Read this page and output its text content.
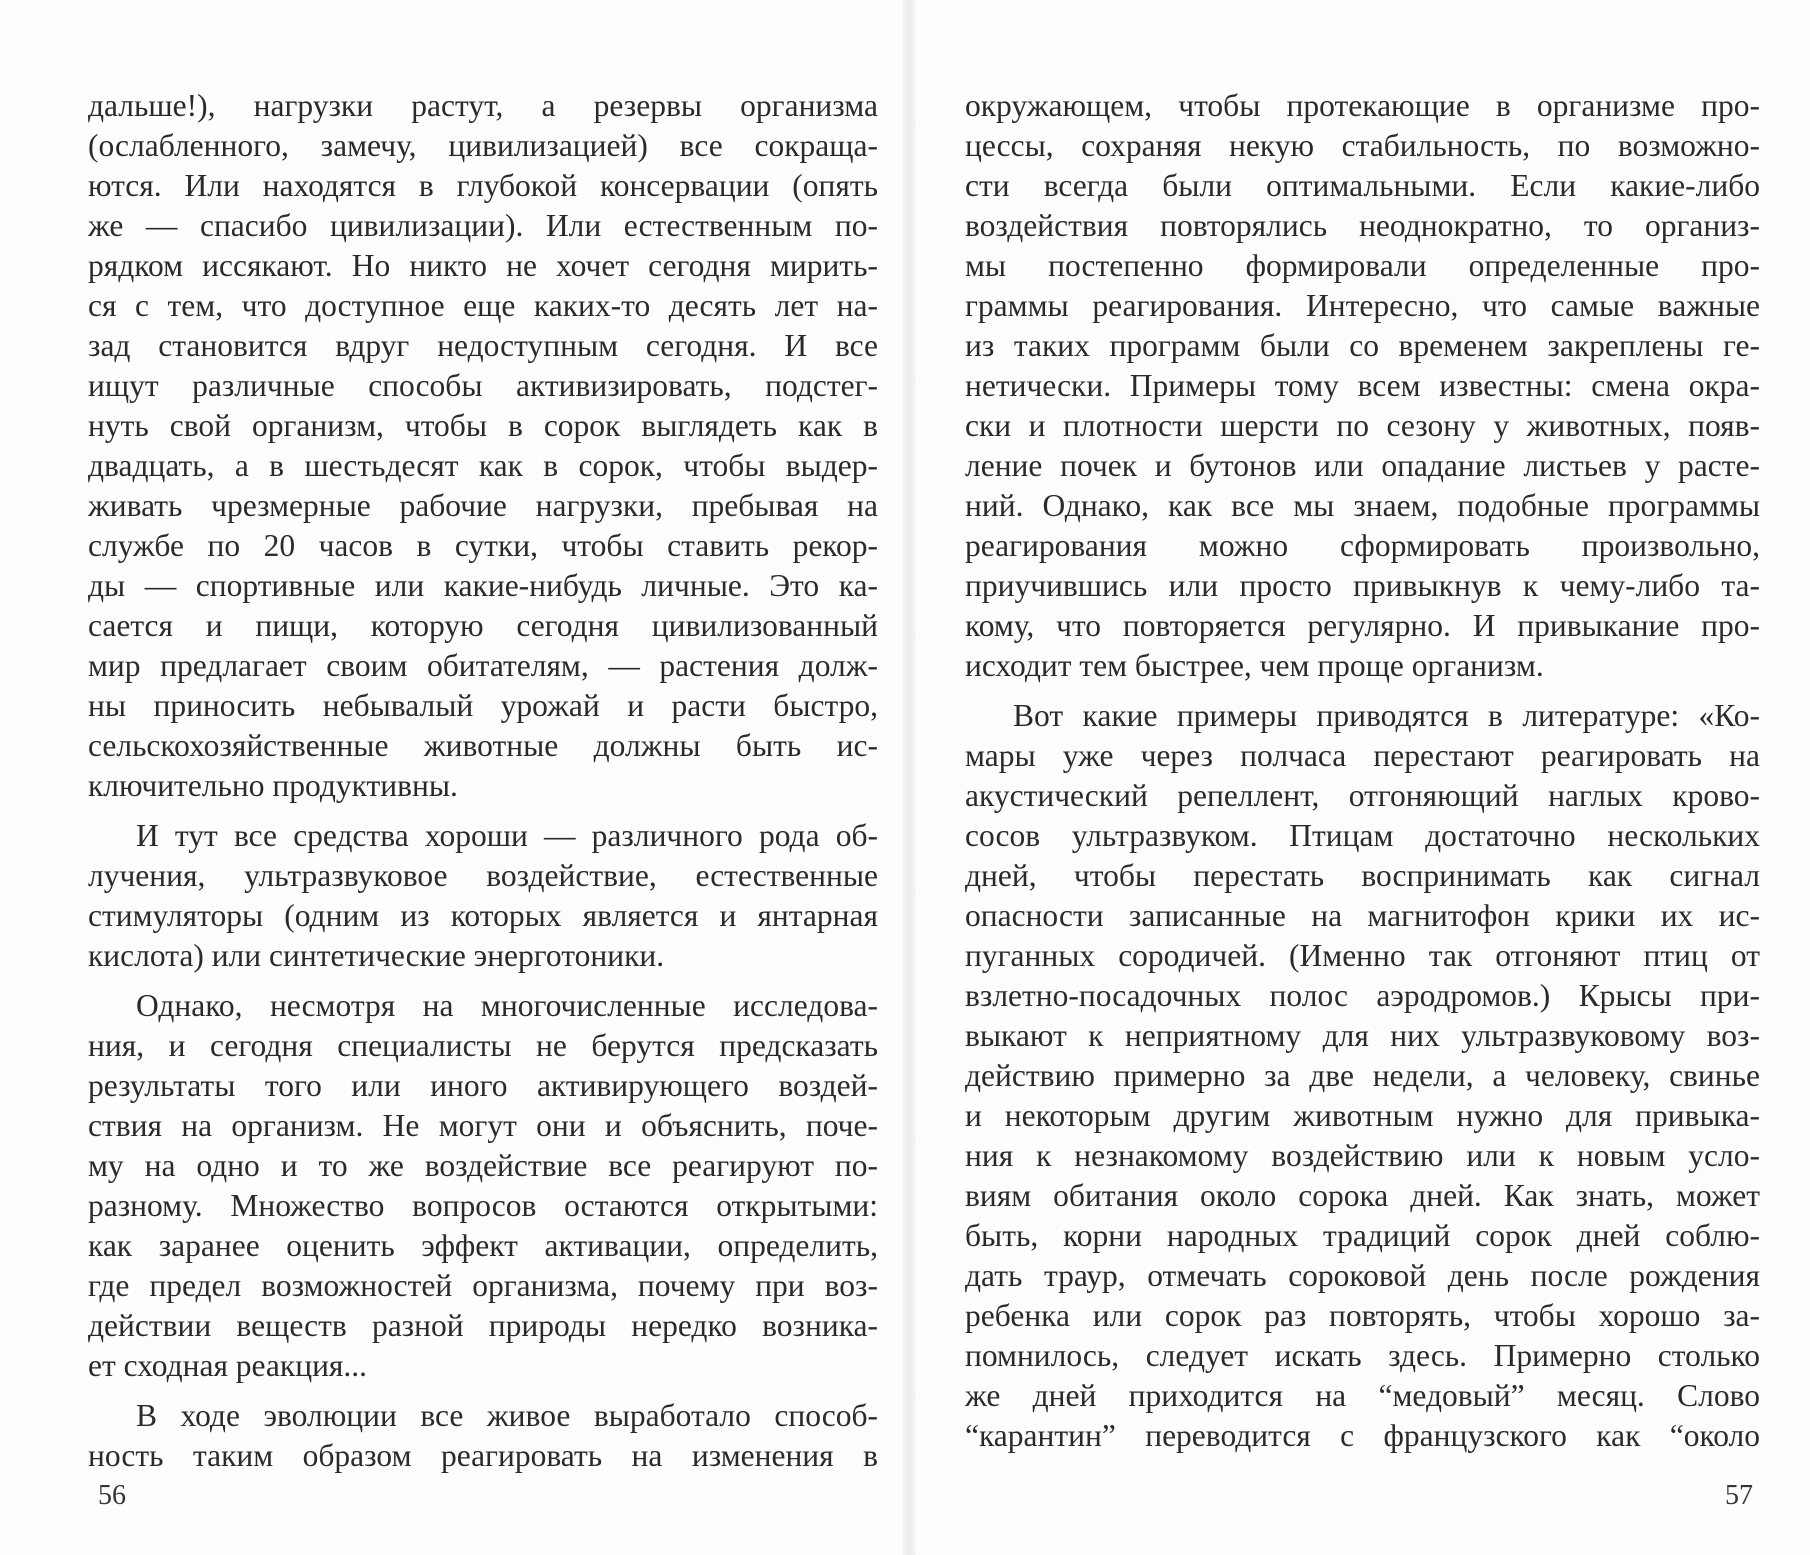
дальше!), нагрузки растут, а резервы организма
(ослабленного, замечу, цивилизацией) все сокраща-
ются. Или находятся в глубокой консервации (опять
же — спасибо цивилизации). Или естественным по-
рядком иссякают. Но никто не хочет сегодня мирить-
ся с тем, что доступное еще каких-то десять лет на-
зад становится вдруг недоступным сегодня. И все
ищут различные способы активизировать, подстег-
нуть свой организм, чтобы в сорок выглядеть как в
двадцать, а в шестьдесят как в сорок, чтобы выдер-
живать чрезмерные рабочие нагрузки, пребывая на
службе по 20 часов в сутки, чтобы ставить рекор-
ды — спортивные или какие-нибудь личные. Это ка-
сается и пищи, которую сегодня цивилизованный
мир предлагает своим обитателям, — растения долж-
ны приносить небывалый урожай и расти быстро,
сельскохозяйственные животные должны быть ис-
ключительно продуктивны.
И тут все средства хороши — различного рода об-
лучения, ультразвуковое воздействие, естественные
стимуляторы (одним из которых является и янтарная
кислота) или синтетические энерготоники.
Однако, несмотря на многочисленные исследова-
ния, и сегодня специалисты не берутся предсказать
результаты того или иного активирующего воздей-
ствия на организм. Не могут они и объяснить, поче-
му на одно и то же воздействие все реагируют по-
разному. Множество вопросов остаются открытыми:
как заранее оценить эффект активации, определить,
где предел возможностей организма, почему при воз-
действии веществ разной природы нередко возника-
ет сходная реакция...
В ходе эволюции все живое выработало способ-
ность таким образом реагировать на изменения в
окружающем, чтобы протекающие в организме про-
цессы, сохраняя некую стабильность, по возможно-
сти всегда были оптимальными. Если какие-либо
воздействия повторялись неоднократно, то организ-
мы постепенно формировали определенные про-
граммы реагирования. Интересно, что самые важные
из таких программ были со временем закреплены ге-
нетически. Примеры тому всем известны: смена окра-
ски и плотности шерсти по сезону у животных, появ-
ление почек и бутонов или опадание листьев у расте-
ний. Однако, как все мы знаем, подобные программы
реагирования можно сформировать произвольно,
приучившись или просто привыкнув к чему-либо та-
кому, что повторяется регулярно. И привыкание про-
исходит тем быстрее, чем проще организм.
Вот какие примеры приводятся в литературе: «Ко-
мары уже через полчаса перестают реагировать на
акустический репеллент, отгоняющий наглых крово-
сосов ультразвуком. Птицам достаточно нескольких
дней, чтобы перестать воспринимать как сигнал
опасности записанные на магнитофон крики их ис-
пуганных сородичей. (Именно так отгоняют птиц от
взлетно-посадочных полос аэродромов.) Крысы при-
выкают к неприятному для них ультразвуковому воз-
действию примерно за две недели, а человеку, свинье
и некоторым другим животным нужно для привыка-
ния к незнакомому воздействию или к новым усло-
виям обитания около сорока дней. Как знать, может
быть, корни народных традиций сорок дней соблю-
дать траур, отмечать сороковой день после рождения
ребенка или сорок раз повторять, чтобы хорошо за-
помнилось, следует искать здесь. Примерно столько
же дней приходится на “медовый” месяц. Слово
“карантин” переводится с французского как “около
56	57
